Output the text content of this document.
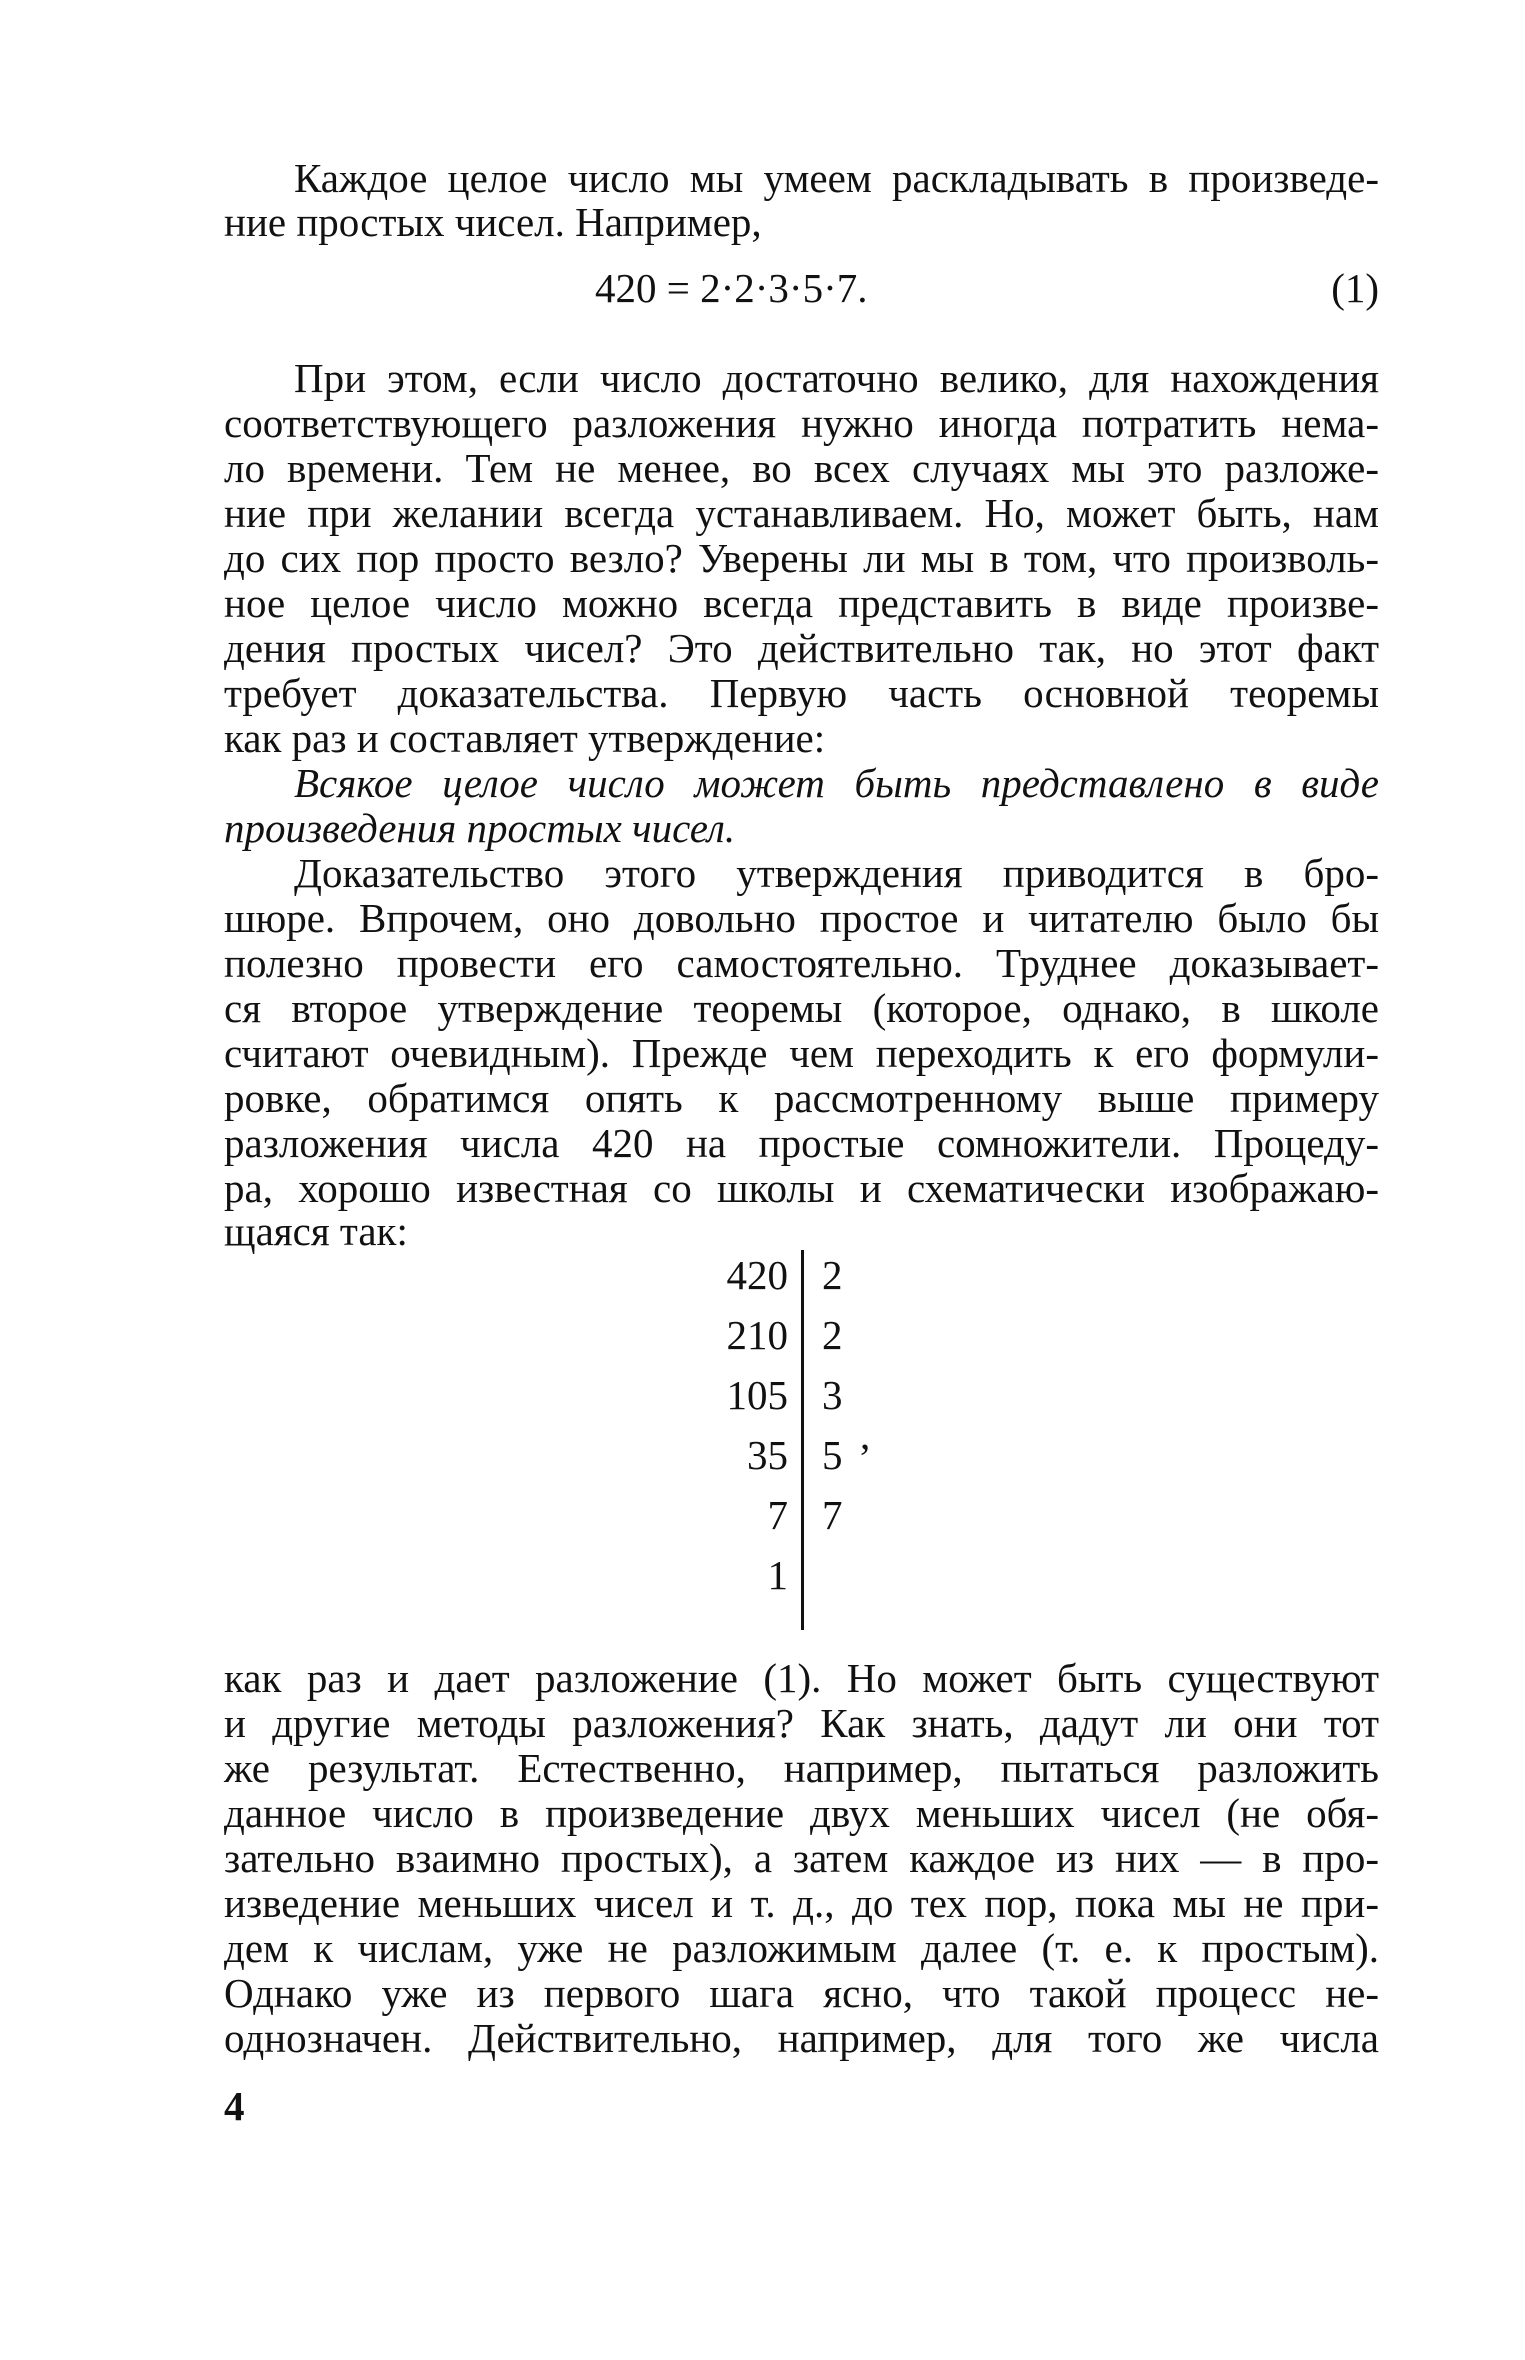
Каждое целое число мы умеем раскладывать в произведе-
ние простых чисел. Например,
420 = 2·2·3·5·7.	(1)
При этом, если число достаточно велико, для нахождения
соответствующего разложения нужно иногда потратить нема-
ло времени. Тем не менее, во всех случаях мы это разложе-
ние при желании всегда устанавливаем. Но, может быть, нам
до сих пор просто везло? Уверены ли мы в том, что произволь-
ное целое число можно всегда представить в виде произве-
дения простых чисел? Это действительно так, но этот факт
требует доказательства. Первую часть основной теоремы
как раз и составляет утверждение:
Всякое целое число может быть представлено в виде
произведения простых чисел.
Доказательство этого утверждения приводится в бро-
шюре. Впрочем, оно довольно простое и читателю было бы
полезно провести его самостоятельно. Труднее доказывает-
ся второе утверждение теоремы (которое, однако, в школе
считают очевидным). Прежде чем переходить к его формули-
ровке, обратимся опять к рассмотренному выше примеру
разложения числа 420 на простые сомножители. Процеду-
ра, хорошо известная со школы и схематически изображаю-
щаяся так:
420
210
105
35
7
1
2
2
3
5
7
,
как раз и дает разложение (1). Но может быть существуют
и другие методы разложения? Как знать, дадут ли они тот
же результат. Естественно, например, пытаться разложить
данное число в произведение двух меньших чисел (не обя-
зательно взаимно простых), а затем каждое из них — в про-
изведение меньших чисел и т. д., до тех пор, пока мы не при-
дем к числам, уже не разложимым далее (т. е. к простым).
Однако уже из первого шага ясно, что такой процесс не-
однозначен. Действительно, например, для того же числа
4
